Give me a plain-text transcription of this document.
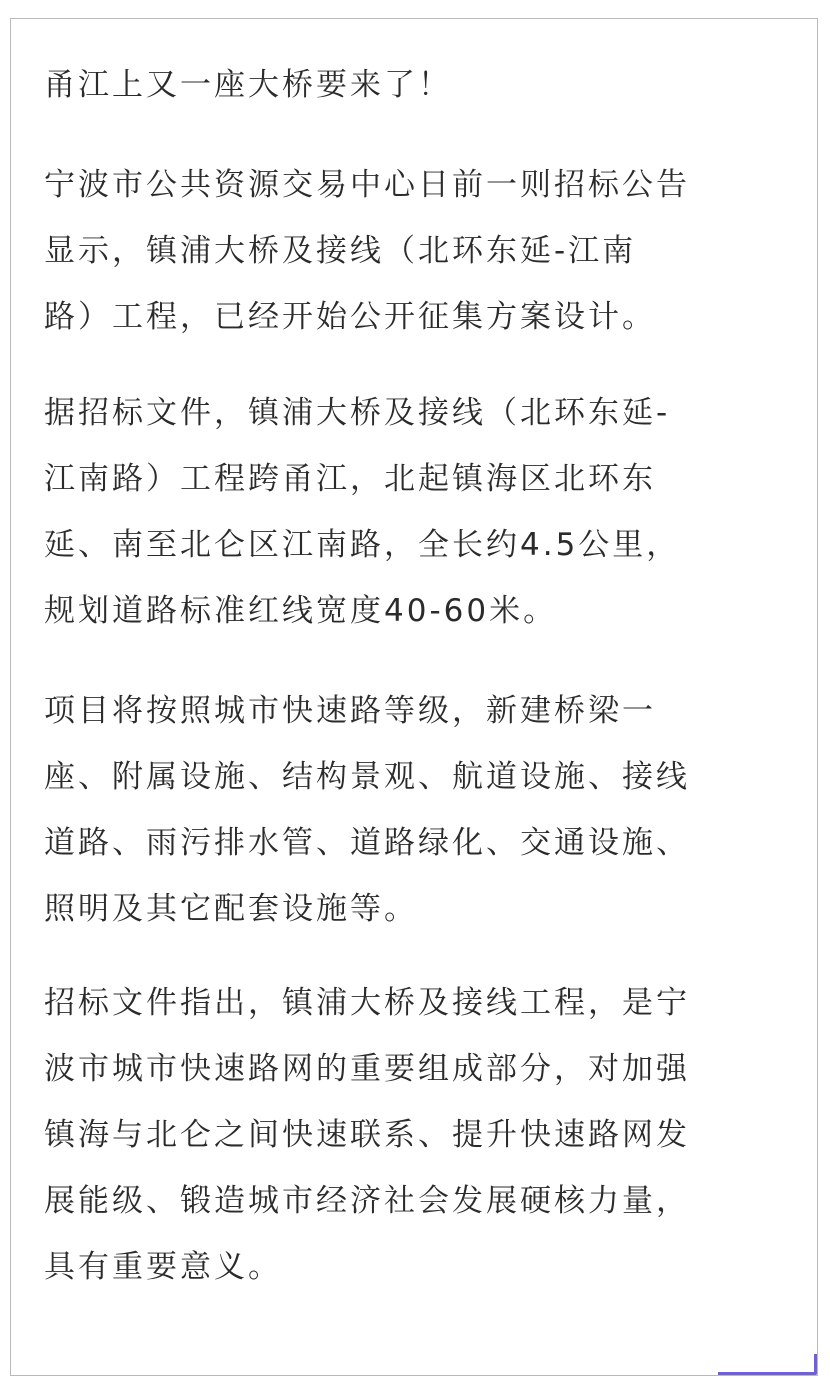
甬江上又一座大桥要来了！

宁波市公共资源交易中心日前一则招标公告
显示，镇浦大桥及接线（北环东延-江南
路）工程，已经开始公开征集方案设计。

据招标文件，镇浦大桥及接线（北环东延-
江南路）工程跨甬江，北起镇海区北环东
延、南至北仑区江南路，全长约4.5公里，
规划道路标准红线宽度40-60米。

项目将按照城市快速路等级，新建桥梁一
座、附属设施、结构景观、航道设施、接线
道路、雨污排水管、道路绿化、交通设施、
照明及其它配套设施等。

招标文件指出，镇浦大桥及接线工程，是宁
波市城市快速路网的重要组成部分，对加强
镇海与北仑之间快速联系、提升快速路网发
展能级、锻造城市经济社会发展硬核力量，
具有重要意义。
